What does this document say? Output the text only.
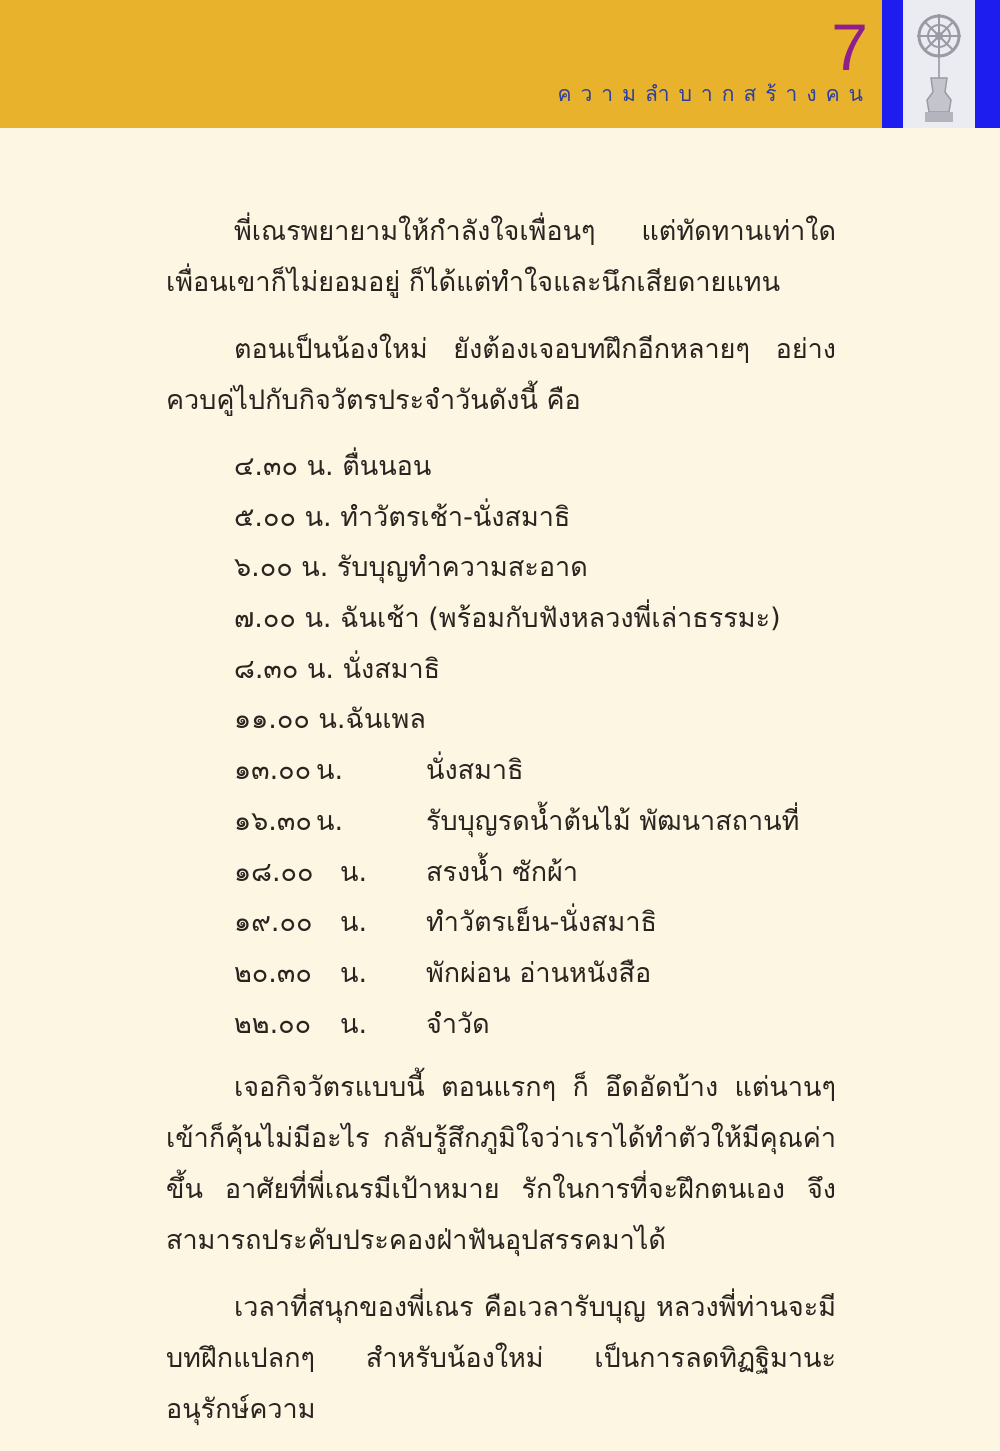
7
ความลำบากสร้างคน

พี่เณรพยายามให้กำลังใจเพื่อนๆ แต่ทัดทานเท่าใดเพื่อนเขาก็ไม่ยอมอยู่ ก็ได้แต่ทำใจและนึกเสียดายแทน

ตอนเป็นน้องใหม่ ยังต้องเจอบทฝึกอีกหลายๆ อย่างควบคู่ไปกับกิจวัตรประจำวันดังนี้ คือ

๔.๓๐ น. ตื่นนอน
๕.๐๐ น. ทำวัตรเช้า-นั่งสมาธิ
๖.๐๐ น. รับบุญทำความสะอาด
๗.๐๐ น. ฉันเช้า (พร้อมกับฟังหลวงพี่เล่าธรรมะ)
๘.๓๐ น. นั่งสมาธิ
๑๑.๐๐ น.ฉันเพล
๑๓.๐๐ น.	นั่งสมาธิ
๑๖.๓๐ น.	รับบุญรดน้ำต้นไม้ พัฒนาสถานที่
๑๘.๐๐ น. สรงน้ำ ซักผ้า
๑๙.๐๐ น. ทำวัตรเย็น-นั่งสมาธิ
๒๐.๓๐ น. พักผ่อน อ่านหนังสือ
๒๒.๐๐ น. จำวัด

เจอกิจวัตรแบบนี้ ตอนแรกๆ ก็ อึดอัดบ้าง แต่นานๆ เข้าก็คุ้นไม่มีอะไร กลับรู้สึกภูมิใจว่าเราได้ทำตัวให้มีคุณค่าขึ้น อาศัยที่พี่เณรมีเป้าหมาย รักในการที่จะฝึกตนเอง จึงสามารถประคับประคองฝ่าฟันอุปสรรคมาได้

เวลาที่สนุกของพี่เณร คือเวลารับบุญ หลวงพี่ท่านจะมีบทฝึกแปลกๆ สำหรับน้องใหม่ เป็นการลดทิฏฐิมานะ อนุรักษ์ความ
